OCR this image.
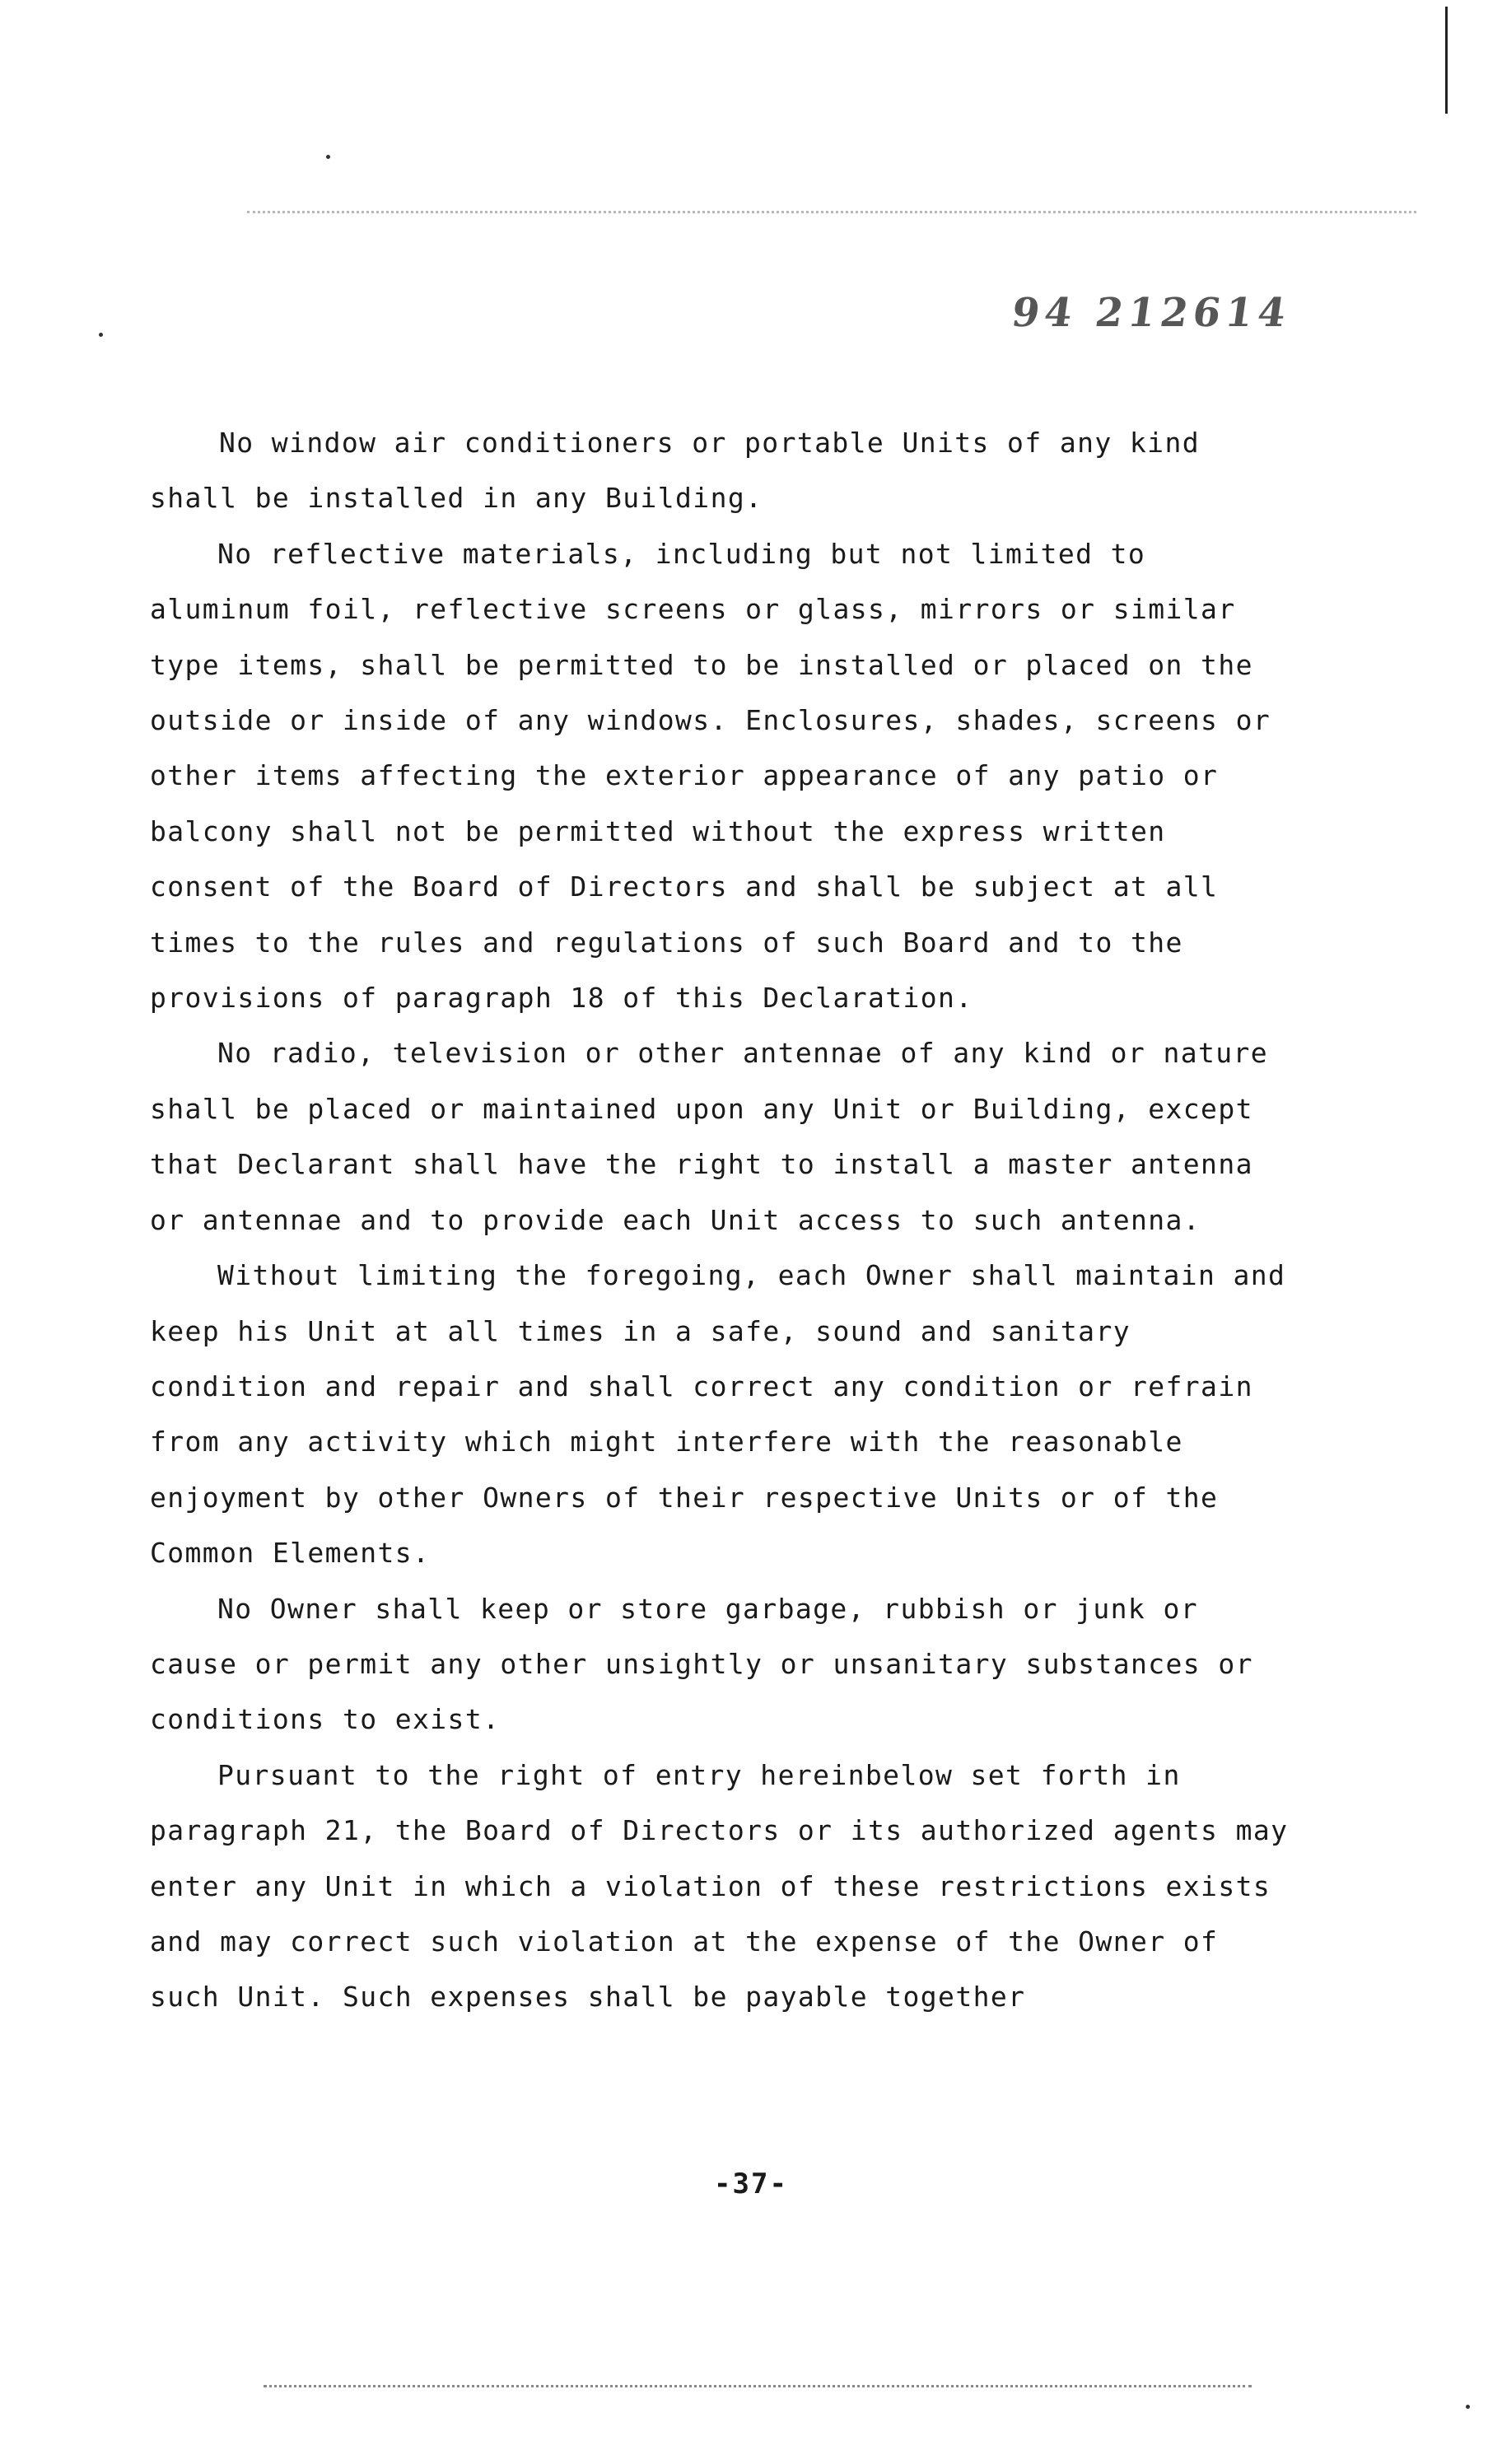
94 212614

No window air conditioners or portable Units of any kind shall be installed in any Building.

No reflective materials, including but not limited to aluminum foil, reflective screens or glass, mirrors or similar type items, shall be permitted to be installed or placed on the outside or inside of any windows. Enclosures, shades, screens or other items affecting the exterior appearance of any patio or balcony shall not be permitted without the express written consent of the Board of Directors and shall be subject at all times to the rules and regulations of such Board and to the provisions of paragraph 18 of this Declaration.

No radio, television or other antennae of any kind or nature shall be placed or maintained upon any Unit or Building, except that Declarant shall have the right to install a master antenna or antennae and to provide each Unit access to such antenna.

Without limiting the foregoing, each Owner shall maintain and keep his Unit at all times in a safe, sound and sanitary condition and repair and shall correct any condition or refrain from any activity which might interfere with the reasonable enjoyment by other Owners of their respective Units or of the Common Elements.

No Owner shall keep or store garbage, rubbish or junk or cause or permit any other unsightly or unsanitary substances or conditions to exist.

Pursuant to the right of entry hereinbelow set forth in paragraph 21, the Board of Directors or its authorized agents may enter any Unit in which a violation of these restrictions exists and may correct such violation at the expense of the Owner of such Unit. Such expenses shall be payable together

-37-
